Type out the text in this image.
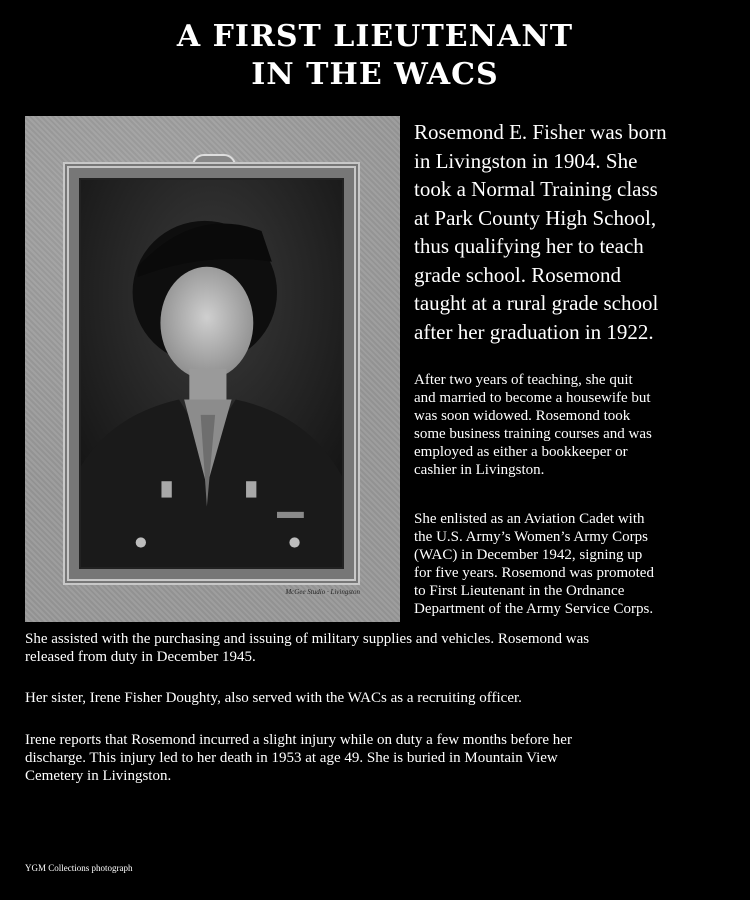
A FIRST LIEUTENANT
IN THE WACS
McGee Studio · Livingston
Rosemond E. Fisher was born
in Livingston in 1904. She
took a Normal Training class
at Park County High School,
thus qualifying her to teach
grade school. Rosemond
taught at a rural grade school
after her graduation in 1922.
After two years of teaching, she quit
and married to become a housewife but
was soon widowed. Rosemond took
some business training courses and was
employed as either a bookkeeper or
cashier in Livingston.
She enlisted as an Aviation Cadet with
the U.S. Army’s Women’s Army Corps
(WAC) in December 1942, signing up
for five years. Rosemond was promoted
to First Lieutenant in the Ordnance
Department of the Army Service Corps.
She assisted with the purchasing and issuing of military supplies and vehicles. Rosemond was
released from duty in December 1945.
Her sister, Irene Fisher Doughty, also served with the WACs as a recruiting officer.
Irene reports that Rosemond incurred a slight injury while on duty a few months before her
discharge. This injury led to her death in 1953 at age 49. She is buried in Mountain View
Cemetery in Livingston.
YGM Collections photograph
